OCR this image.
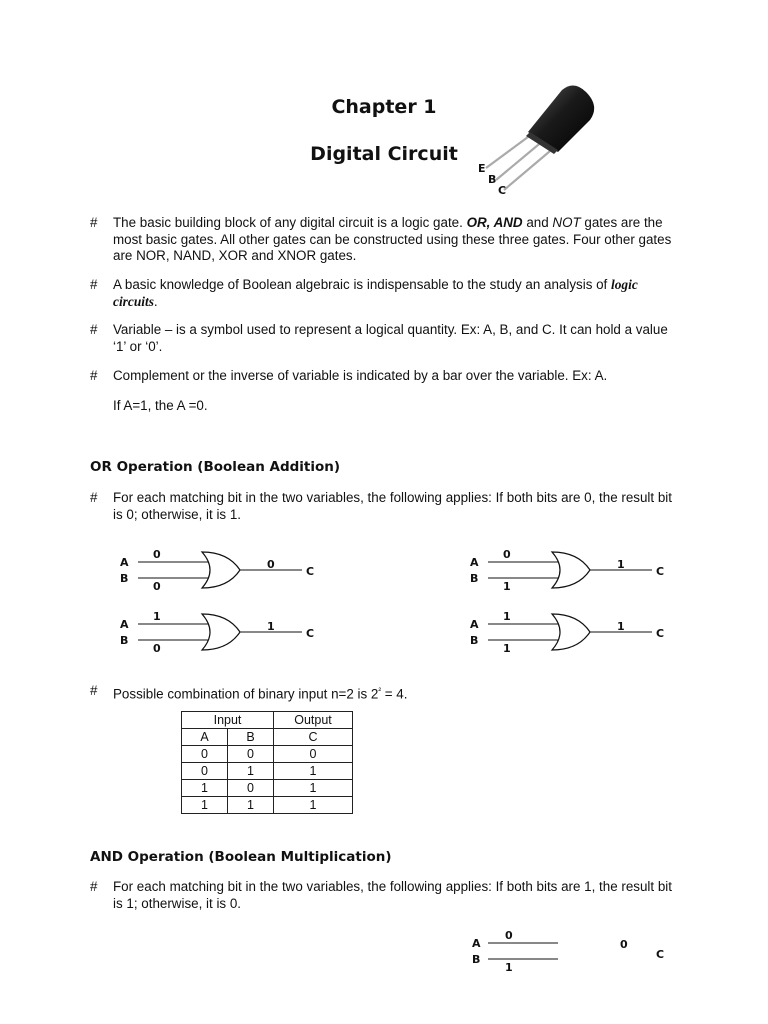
Chapter 1
Digital Circuit
E
B
C
# The basic building block of any digital circuit is a logic gate. OR, AND and NOT gates are the most basic gates. All other gates can be constructed using these three gates. Four other gates are NOR, NAND, XOR and XNOR gates.
# A basic knowledge of Boolean algebraic is indispensable to the study an analysis of logic circuits.
# Variable – is a symbol used to represent a logical quantity. Ex: A, B, and C. It can hold a value ‘1’ or ‘0’.
# Complement or the inverse of variable is indicated by a bar over the variable. Ex: A.
If A=1, the A =0.
OR Operation (Boolean Addition)
# For each matching bit in the two variables, the following applies: If both bits are 0, the result bit is 0; otherwise, it is 1.
A
B
C
0
0
0	A
B
C
0
1
1
A
B
C
1
0
1	A
B
C
1
1
1
# Possible combination of binary input n=2 is $2^{^2} = 4$.
Input		Output
A	B	C
0	0	0
0	1	1
1	0	1
1	1	1
AND Operation (Boolean Multiplication)
# For each matching bit in the two variables, the following applies: If both bits are 1, the result bit is 1; otherwise, it is 0.
A
B
0
1
0
C
